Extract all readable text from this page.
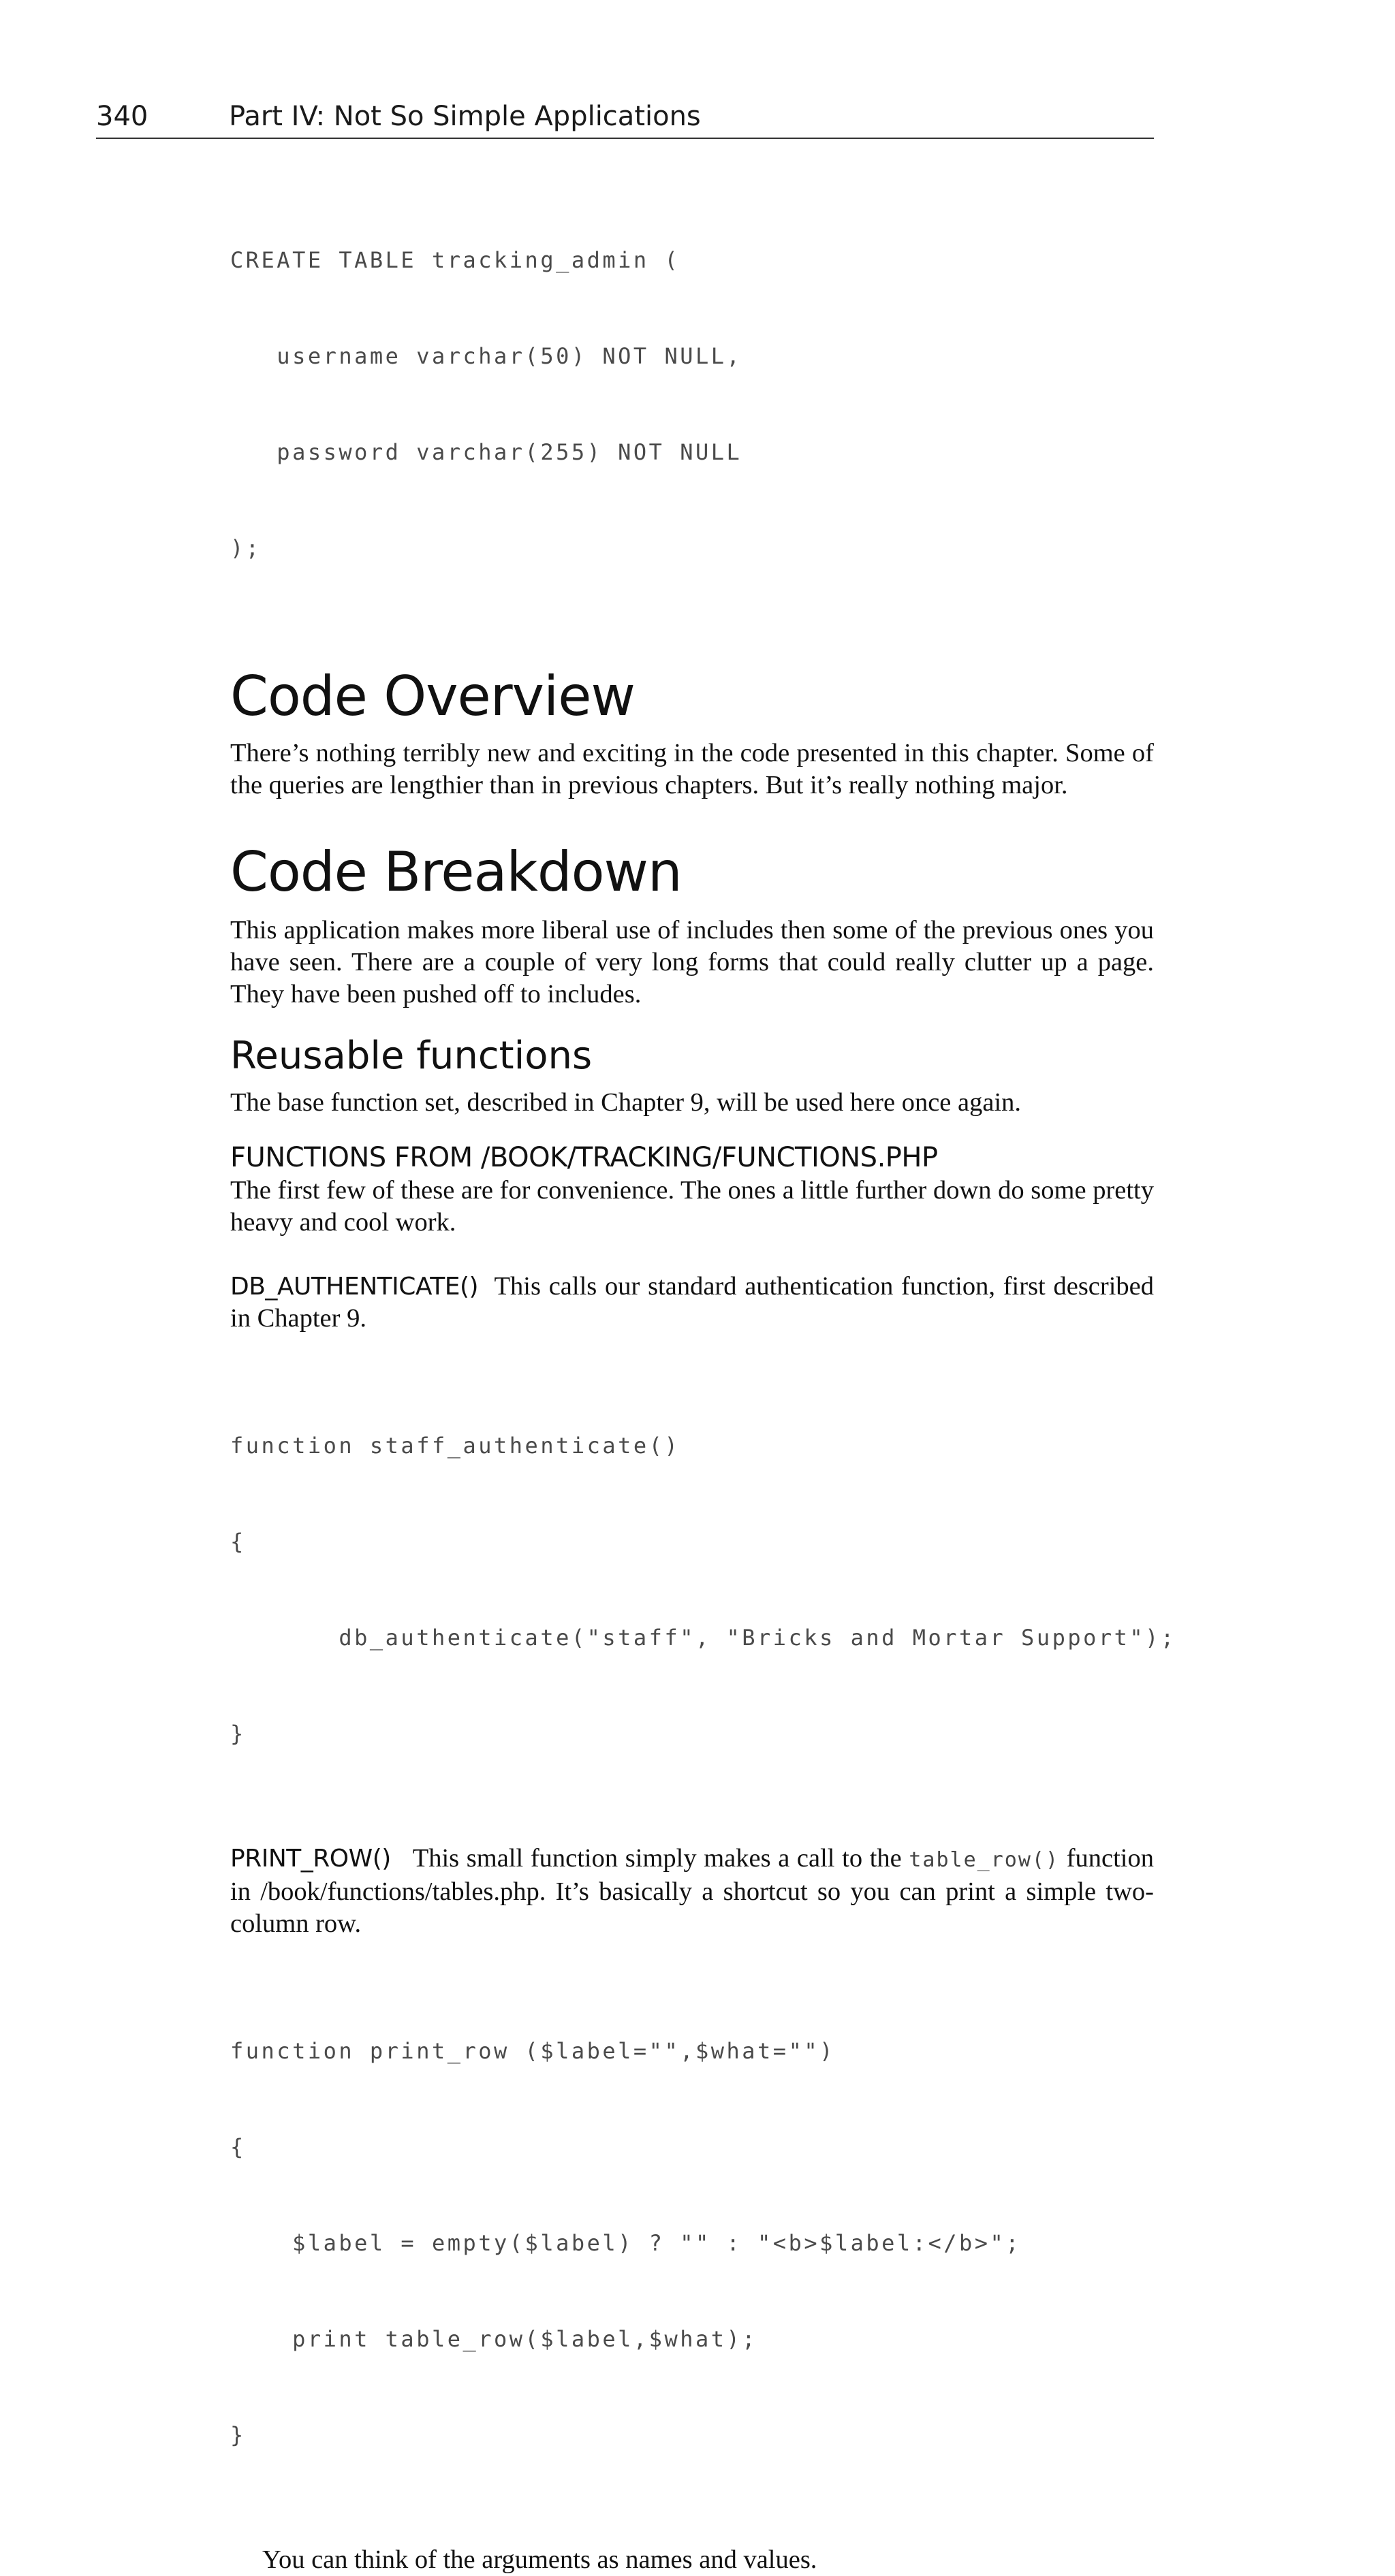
340	Part IV: Not So Simple Applications

CREATE TABLE tracking_admin (

username varchar(50) NOT NULL,

password varchar(255) NOT NULL

);

Code Overview

There’s nothing terribly new and exciting in the code presented in this chapter. Some of the queries are lengthier than in previous chapters. But it’s really nothing major.

Code Breakdown

This application makes more liberal use of includes then some of the previous ones you have seen. There are a couple of very long forms that could really clutter up a page. They have been pushed off to includes.

Reusable functions

The base function set, described in Chapter 9, will be used here once again.

FUNCTIONS FROM /BOOK/TRACKING/FUNCTIONS.PHP

The first few of these are for convenience. The ones a little further down do some pretty heavy and cool work.

DB_AUTHENTICATE() This calls our standard authentication function, first described in Chapter 9.

function staff_authenticate()

{

db_authenticate("staff", "Bricks and Mortar Support");

}

PRINT_ROW() This small function simply makes a call to the table_row() function in /book/functions/tables.php. It’s basically a shortcut so you can print a simple two-column row.

function print_row ($label="",$what="")

{

$label = empty($label) ? "" : "<b>$label:</b>";

print table_row($label,$what);

}

You can think of the arguments as names and values.
